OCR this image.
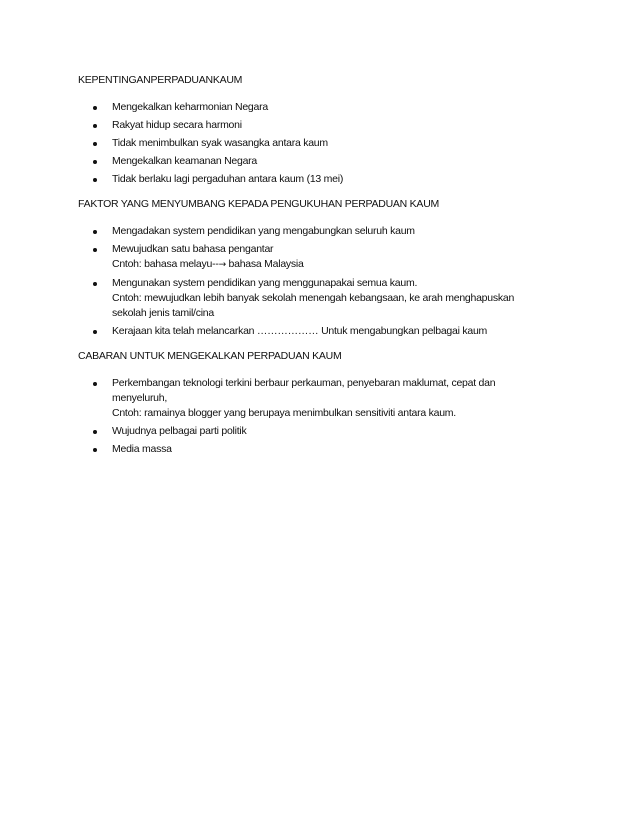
KEPENTINGANPERPADUANKAUM

Mengekalkan keharmonian Negara
Rakyat hidup secara harmoni
Tidak menimbulkan syak wasangka antara kaum
Mengekalkan keamanan Negara
Tidak berlaku lagi pergaduhan antara kaum (13 mei)

FAKTOR YANG MENYUMBANG KEPADA PENGUKUHAN PERPADUAN KAUM

Mengadakan system pendidikan yang mengabungkan seluruh kaum
Mewujudkan satu bahasa pengantar
Cntoh: bahasa melayu--→ bahasa Malaysia
Mengunakan system pendidikan yang menggunapakai semua kaum.
Cntoh: mewujudkan lebih banyak sekolah menengah kebangsaan, ke arah menghapuskan
sekolah jenis tamil/cina
Kerajaan kita telah melancarkan ……………… Untuk mengabungkan pelbagai kaum

CABARAN UNTUK MENGEKALKAN PERPADUAN KAUM

Perkembangan teknologi terkini berbaur perkauman, penyebaran maklumat, cepat dan
menyeluruh,
Cntoh: ramainya blogger yang berupaya menimbulkan sensitiviti antara kaum.
Wujudnya pelbagai parti politik
Media massa
